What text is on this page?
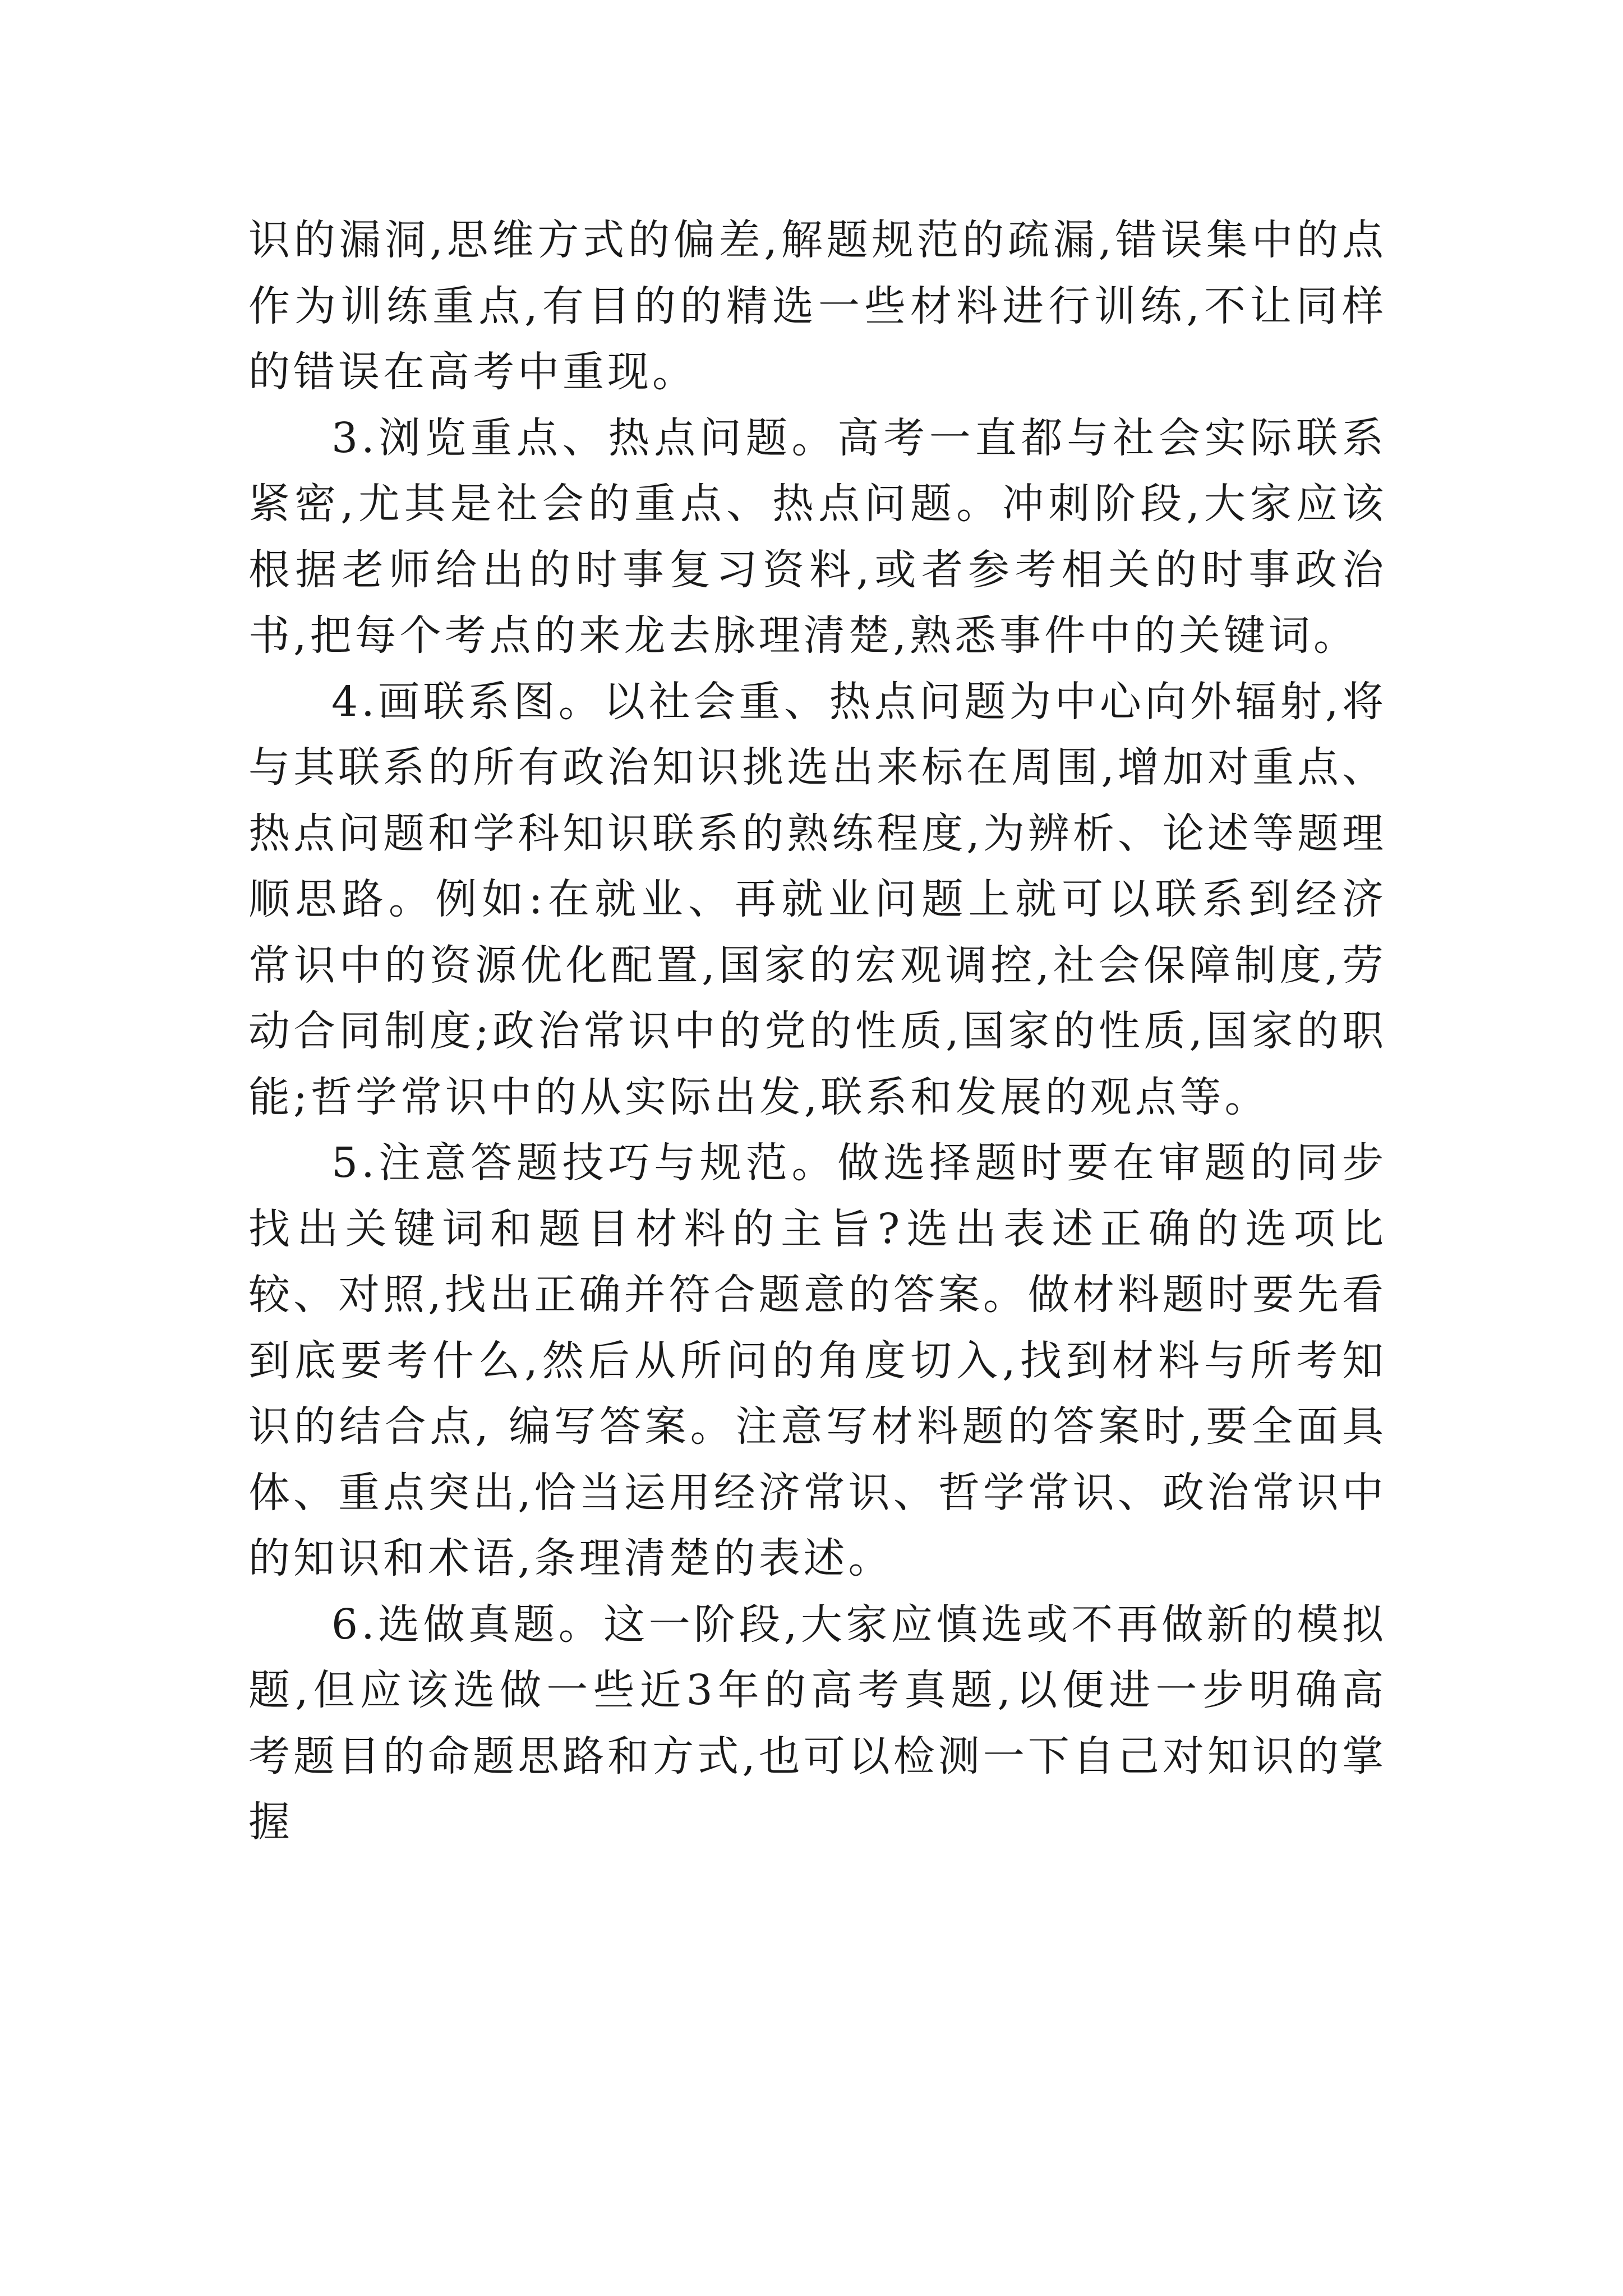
识的漏洞,思维方式的偏差,解题规范的疏漏,错误集中的点作为训练重点,有目的的精选一些材料进行训练,不让同样的错误在高考中重现。

3.浏览重点、热点问题。高考一直都与社会实际联系紧密,尤其是社会的重点、热点问题。冲刺阶段,大家应该根据老师给出的时事复习资料,或者参考相关的时事政治书,把每个考点的来龙去脉理清楚,熟悉事件中的关键词。

4.画联系图。以社会重、热点问题为中心向外辐射,将与其联系的所有政治知识挑选出来标在周围,增加对重点、热点问题和学科知识联系的熟练程度,为辨析、论述等题理顺思路。例如:在就业、再就业问题上就可以联系到经济常识中的资源优化配置,国家的宏观调控,社会保障制度,劳动合同制度;政治常识中的党的性质,国家的性质,国家的职能;哲学常识中的从实际出发,联系和发展的观点等。

5.注意答题技巧与规范。做选择题时要在审题的同步找出关键词和题目材料的主旨?选出表述正确的选项比较、对照,找出正确并符合题意的答案。做材料题时要先看到底要考什么,然后从所问的角度切入,找到材料与所考知识的结合点, 编写答案。注意写材料题的答案时,要全面具体、重点突出,恰当运用经济常识、哲学常识、政治常识中的知识和术语,条理清楚的表述。

6.选做真题。这一阶段,大家应慎选或不再做新的模拟题,但应该选做一些近3年的高考真题,以便进一步明确高考题目的命题思路和方式,也可以检测一下自己对知识的掌握
